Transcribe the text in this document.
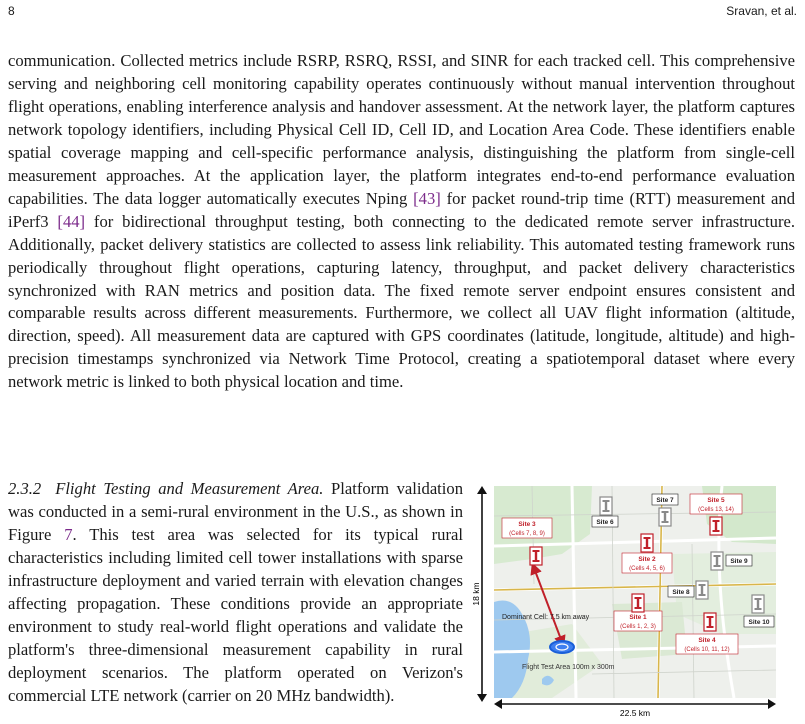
8	Sravan, et al.

communication. Collected metrics include RSRP, RSRQ, RSSI, and SINR for each tracked cell. This comprehensive serving and neighboring cell monitoring capability operates continuously without manual intervention throughout flight operations, enabling interference analysis and handover assessment. At the network layer, the platform captures network topology identifiers, including Physical Cell ID, Cell ID, and Location Area Code. These identifiers enable spatial coverage mapping and cell-specific performance analysis, distinguishing the platform from single-cell measurement approaches. At the application layer, the platform integrates end-to-end performance evaluation capabilities. The data logger automatically executes Nping [43] for packet round-trip time (RTT) measurement and iPerf3 [44] for bidirectional throughput testing, both connecting to the dedicated remote server infrastructure. Additionally, packet delivery statistics are collected to assess link reliability. This automated testing framework runs periodically throughout flight operations, capturing latency, throughput, and packet delivery characteristics synchronized with RAN metrics and position data. The fixed remote server endpoint ensures consistent and comparable results across different measurements. Furthermore, we collect all UAV flight information (altitude, direction, speed). All measurement data are captured with GPS coordinates (latitude, longitude, altitude) and high-precision timestamps synchronized via Network Time Protocol, creating a spatiotemporal dataset where every network metric is linked to both physical location and time.

2.3.2 Flight Testing and Measurement Area. Platform validation was conducted in a semi-rural environment in the U.S., as shown in Figure 7. This test area was selected for its typical rural characteristics including limited cell tower installations with sparse infrastructure deployment and varied terrain with elevation changes affecting propagation. These conditions provide an appropriate environment to study real-world flight operations and validate the platform's three-dimensional measurement capability in rural deployment scenarios. The platform operated on Verizon's commercial LTE network (carrier on 20 MHz bandwidth).

18 km
22.5 km
Flight Test Area 100m x 300m
Dominant Cell: 7.5 km away
Site 3
(Cells 7, 8, 9)
Site 6
Site 7	Site 5
(Cells 13, 14)
Site 2
(Cells 4, 5, 6)
Site 9
Site 8
Site 1
(Cells 1, 2, 3)
Site 10
Site 4
(Cells 10, 11, 12)
